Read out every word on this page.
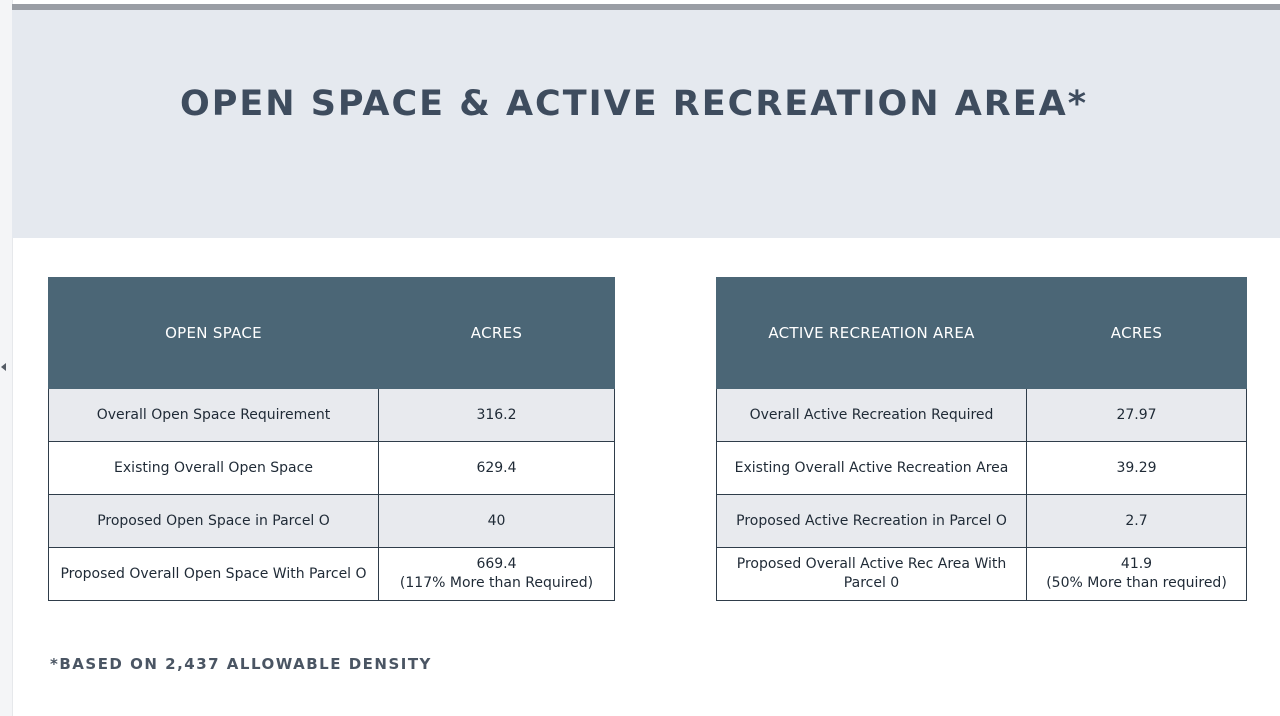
OPEN SPACE & ACTIVE RECREATION AREA*
OPEN SPACE	ACRES
Overall Open Space Requirement	316.2
Existing Overall Open Space	629.4
Proposed Open Space in Parcel O	40
Proposed Overall Open Space With Parcel O	669.4
(117% More than Required)
ACTIVE RECREATION AREA	ACRES
Overall Active Recreation Required	27.97
Existing Overall Active Recreation Area	39.29
Proposed Active Recreation in Parcel O	2.7
Proposed Overall Active Rec Area With Parcel 0	41.9
(50% More than required)

*BASED ON 2,437 ALLOWABLE DENSITY
